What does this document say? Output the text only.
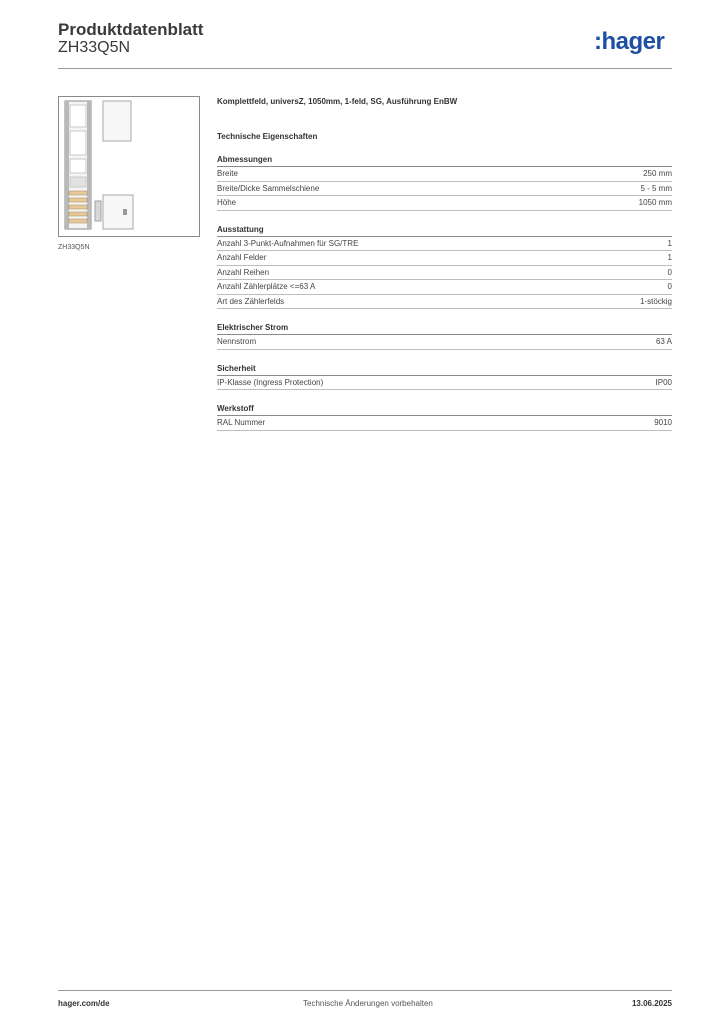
Produktdatenblatt
ZH33Q5N	:hager
ZH33Q5N

Komplettfeld, universZ, 1050mm, 1-feld, SG, Ausführung EnBW

Technische Eigenschaften
Abmessungen
Breite	250 mm
Breite/Dicke Sammelschiene	5 - 5 mm
Höhe	1050 mm
Ausstattung
Anzahl 3-Punkt-Aufnahmen für SG/TRE	1
Anzahl Felder	1
Anzahl Reihen	0
Anzahl Zählerplätze <=63 A	0
Art des Zählerfelds	1-stöckig
Elektrischer Strom
Nennstrom	63 A
Sicherheit
IP-Klasse (Ingress Protection)	IP00
Werkstoff
RAL Nummer	9010
hager.com/de	Technische Änderungen vorbehalten	13.06.2025
